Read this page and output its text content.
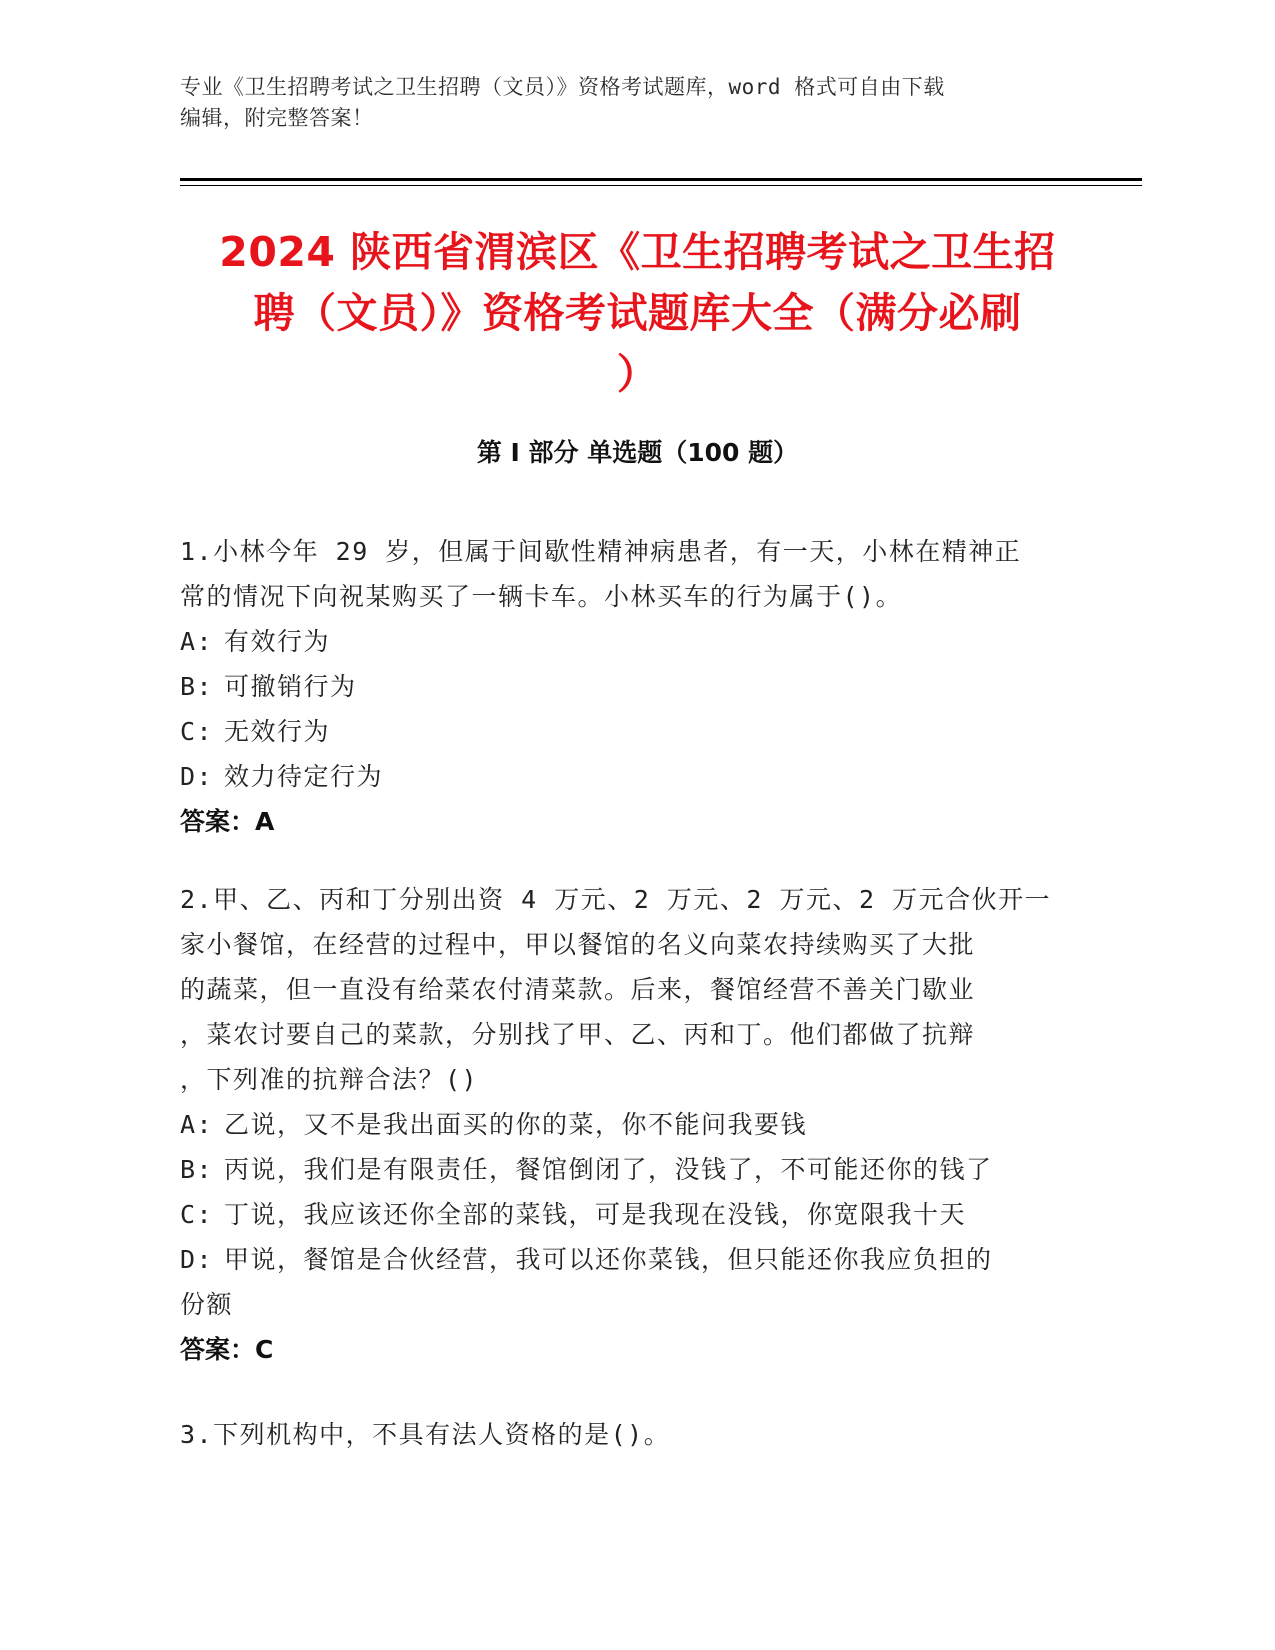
专业《卫生招聘考试之卫生招聘（文员）》资格考试题库，word 格式可自由下载
编辑，附完整答案！
2024 陕西省渭滨区《卫生招聘考试之卫生招
聘（文员）》资格考试题库大全（满分必刷
）
第 I 部分 单选题（100 题）
1.小林今年 29 岁，但属于间歇性精神病患者，有一天，小林在精神正
常的情况下向祝某购买了一辆卡车。小林买车的行为属于()。
A: 有效行为
B: 可撤销行为
C: 无效行为
D: 效力待定行为
答案：A
2.甲、乙、丙和丁分别出资 4 万元、2 万元、2 万元、2 万元合伙开一
家小餐馆，在经营的过程中，甲以餐馆的名义向菜农持续购买了大批
的蔬菜，但一直没有给菜农付清菜款。后来，餐馆经营不善关门歇业
，菜农讨要自己的菜款，分别找了甲、乙、丙和丁。他们都做了抗辩
，下列准的抗辩合法？()
A: 乙说，又不是我出面买的你的菜，你不能问我要钱
B: 丙说，我们是有限责任，餐馆倒闭了，没钱了，不可能还你的钱了
C: 丁说，我应该还你全部的菜钱，可是我现在没钱，你宽限我十天
D: 甲说，餐馆是合伙经营，我可以还你菜钱，但只能还你我应负担的
份额
答案：C
3.下列机构中，不具有法人资格的是()。
